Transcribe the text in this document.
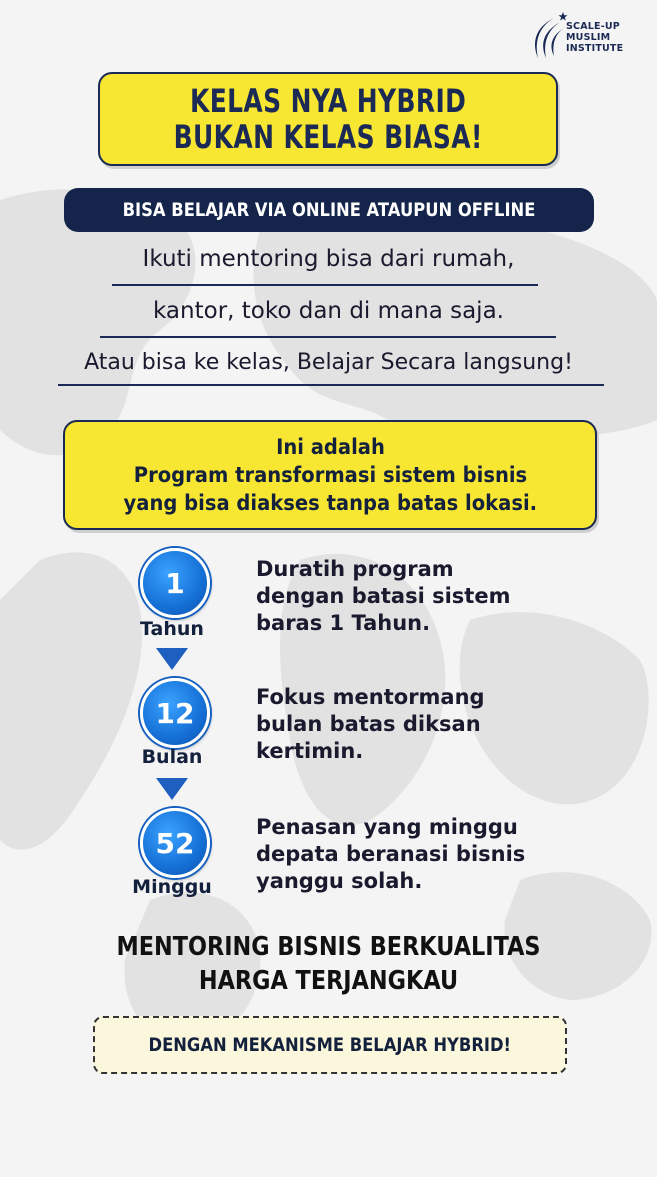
SCALE-UP
MUSLIM
INSTITUTE
KELAS NYA HYBRID
BUKAN KELAS BIASA!
BISA BELAJAR VIA ONLINE ATAUPUN OFFLINE
Ikuti mentoring bisa dari rumah,
kantor, toko dan di mana saja.
Atau bisa ke kelas, Belajar Secara langsung!
Ini adalah
Program transformasi sistem bisnis
yang bisa diakses tanpa batas lokasi.
1
Tahun
Duratih program
dengan batasi sistem
baras 1 Tahun.
12
Bulan
Fokus mentormang
bulan batas diksan
kertimin.
52
Minggu
Penasan yang minggu
depata beranasi bisnis
yanggu solah.
MENTORING BISNIS BERKUALITAS
HARGA TERJANGKAU
DENGAN MEKANISME BELAJAR HYBRID!
